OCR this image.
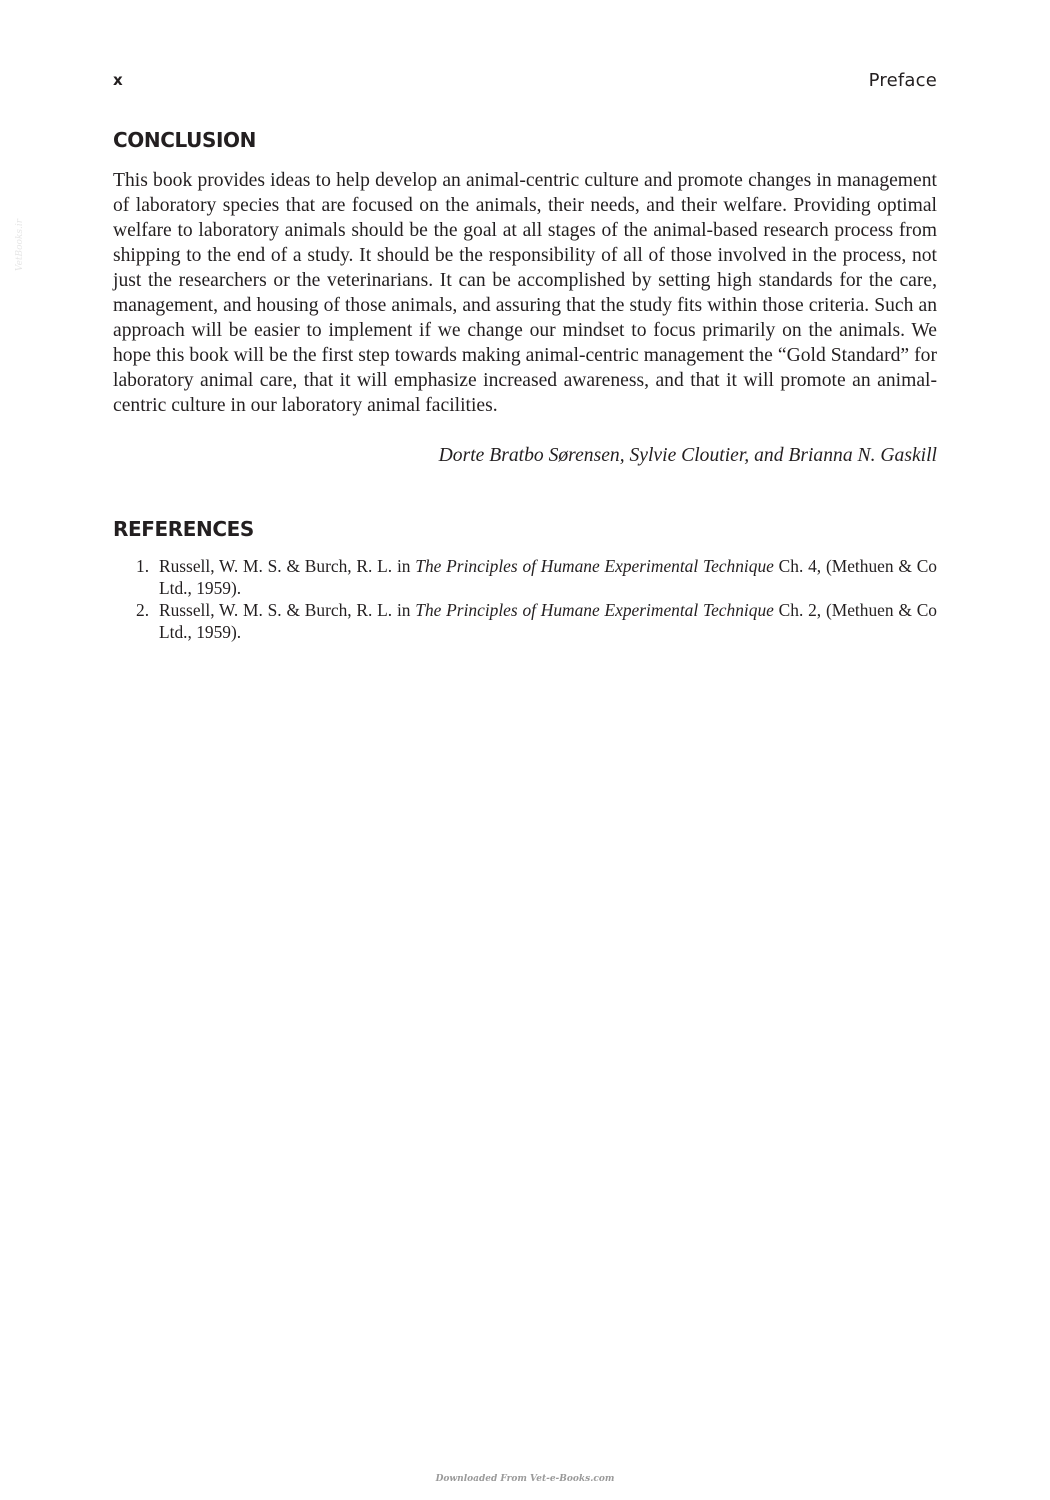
VetBooks.ir
x	Preface
CONCLUSION

This book provides ideas to help develop an animal-centric culture and promote changes in management of laboratory species that are focused on the animals, their needs, and their welfare. Providing optimal welfare to laboratory animals should be the goal at all stages of the animal-based research process from shipping to the end of a study. It should be the responsibility of all of those involved in the process, not just the researchers or the veterinarians. It can be accomplished by setting high standards for the care, management, and housing of those animals, and assuring that the study fits within those criteria. Such an approach will be easier to implement if we change our mindset to focus primarily on the animals. We hope this book will be the first step towards making animal-centric management the “Gold Standard” for laboratory animal care, that it will emphasize increased awareness, and that it will promote an animal-centric culture in our laboratory animal facilities.

Dorte Bratbo Sørensen, Sylvie Cloutier, and Brianna N. Gaskill

REFERENCES
1. Russell, W. M. S. & Burch, R. L. in The Principles of Humane Experimental Technique Ch. 4, (Methuen & Co Ltd., 1959).
2. Russell, W. M. S. & Burch, R. L. in The Principles of Humane Experimental Technique Ch. 2, (Methuen & Co Ltd., 1959).
Downloaded From Vet-e-Books.com
